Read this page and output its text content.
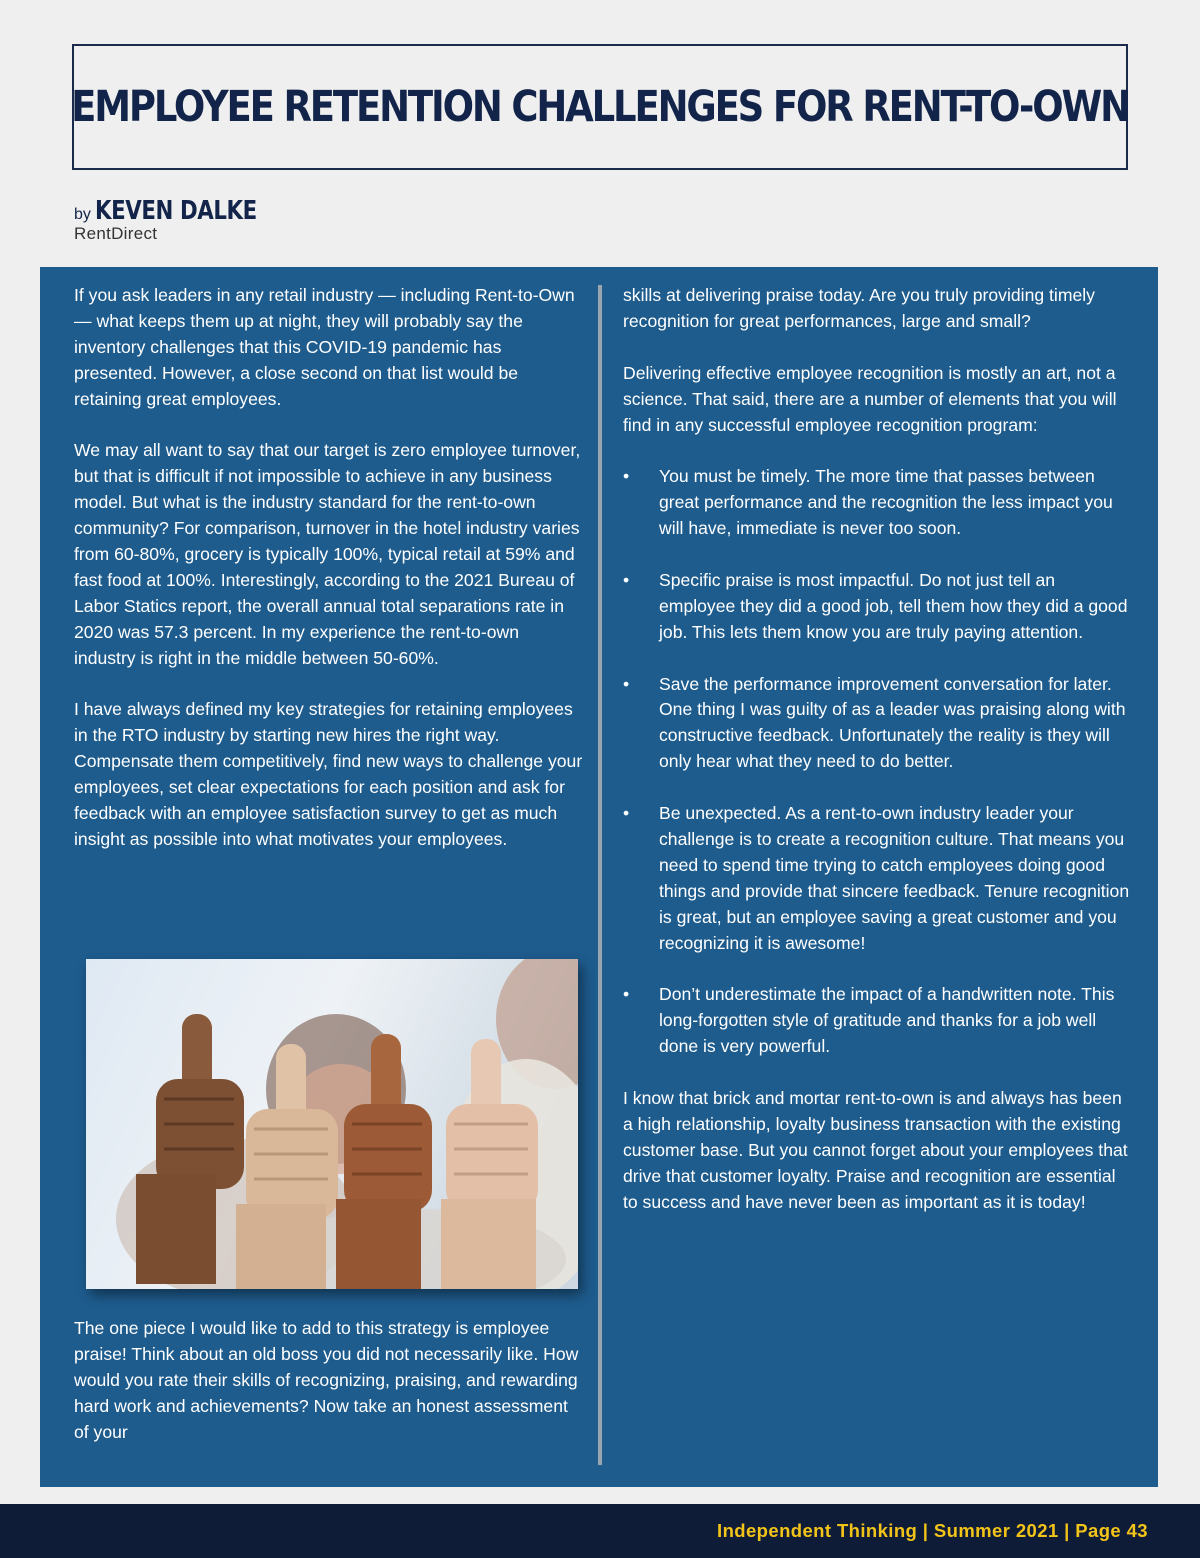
EMPLOYEE RETENTION CHALLENGES FOR RENT-TO-OWN
by KEVEN DALKE
RentDirect

If you ask leaders in any retail industry — including Rent-to-Own — what keeps them up at night, they will probably say the inventory challenges that this COVID-19 pandemic has presented. However, a close second on that list would be retaining great employees.

We may all want to say that our target is zero employee turnover, but that is difficult if not impossible to achieve in any business model. But what is the industry standard for the rent-to-own community? For comparison, turnover in the hotel industry varies from 60-80%, grocery is typically 100%, typical retail at 59% and fast food at 100%. Interestingly, according to the 2021 Bureau of Labor Statics report, the overall annual total separations rate in 2020 was 57.3 percent. In my experience the rent-to-own industry is right in the middle between 50-60%.

I have always defined my key strategies for retaining employees in the RTO industry by starting new hires the right way. Compensate them competitively, find new ways to challenge your employees, set clear expectations for each position and ask for feedback with an employee satisfaction survey to get as much insight as possible into what motivates your employees.

The one piece I would like to add to this strategy is employee praise! Think about an old boss you did not necessarily like. How would you rate their skills of recognizing, praising, and rewarding hard work and achievements? Now take an honest assessment of your

skills at delivering praise today. Are you truly providing timely recognition for great performances, large and small?

Delivering effective employee recognition is mostly an art, not a science. That said, there are a number of elements that you will find in any successful employee recognition program:

• You must be timely. The more time that passes between great performance and the recognition the less impact you will have, immediate is never too soon.
• Specific praise is most impactful. Do not just tell an employee they did a good job, tell them how they did a good job. This lets them know you are truly paying attention.
• Save the performance improvement conversation for later. One thing I was guilty of as a leader was praising along with constructive feedback. Unfortunately the reality is they will only hear what they need to do better.
• Be unexpected. As a rent-to-own industry leader your challenge is to create a recognition culture. That means you need to spend time trying to catch employees doing good things and provide that sincere feedback. Tenure recognition is great, but an employee saving a great customer and you recognizing it is awesome!
• Don’t underestimate the impact of a handwritten note. This long-forgotten style of gratitude and thanks for a job well done is very powerful.

I know that brick and mortar rent-to-own is and always has been a high relationship, loyalty business transaction with the existing customer base. But you cannot forget about your employees that drive that customer loyalty. Praise and recognition are essential to success and have never been as important as it is today!

Independent Thinking | Summer 2021 | Page 43
